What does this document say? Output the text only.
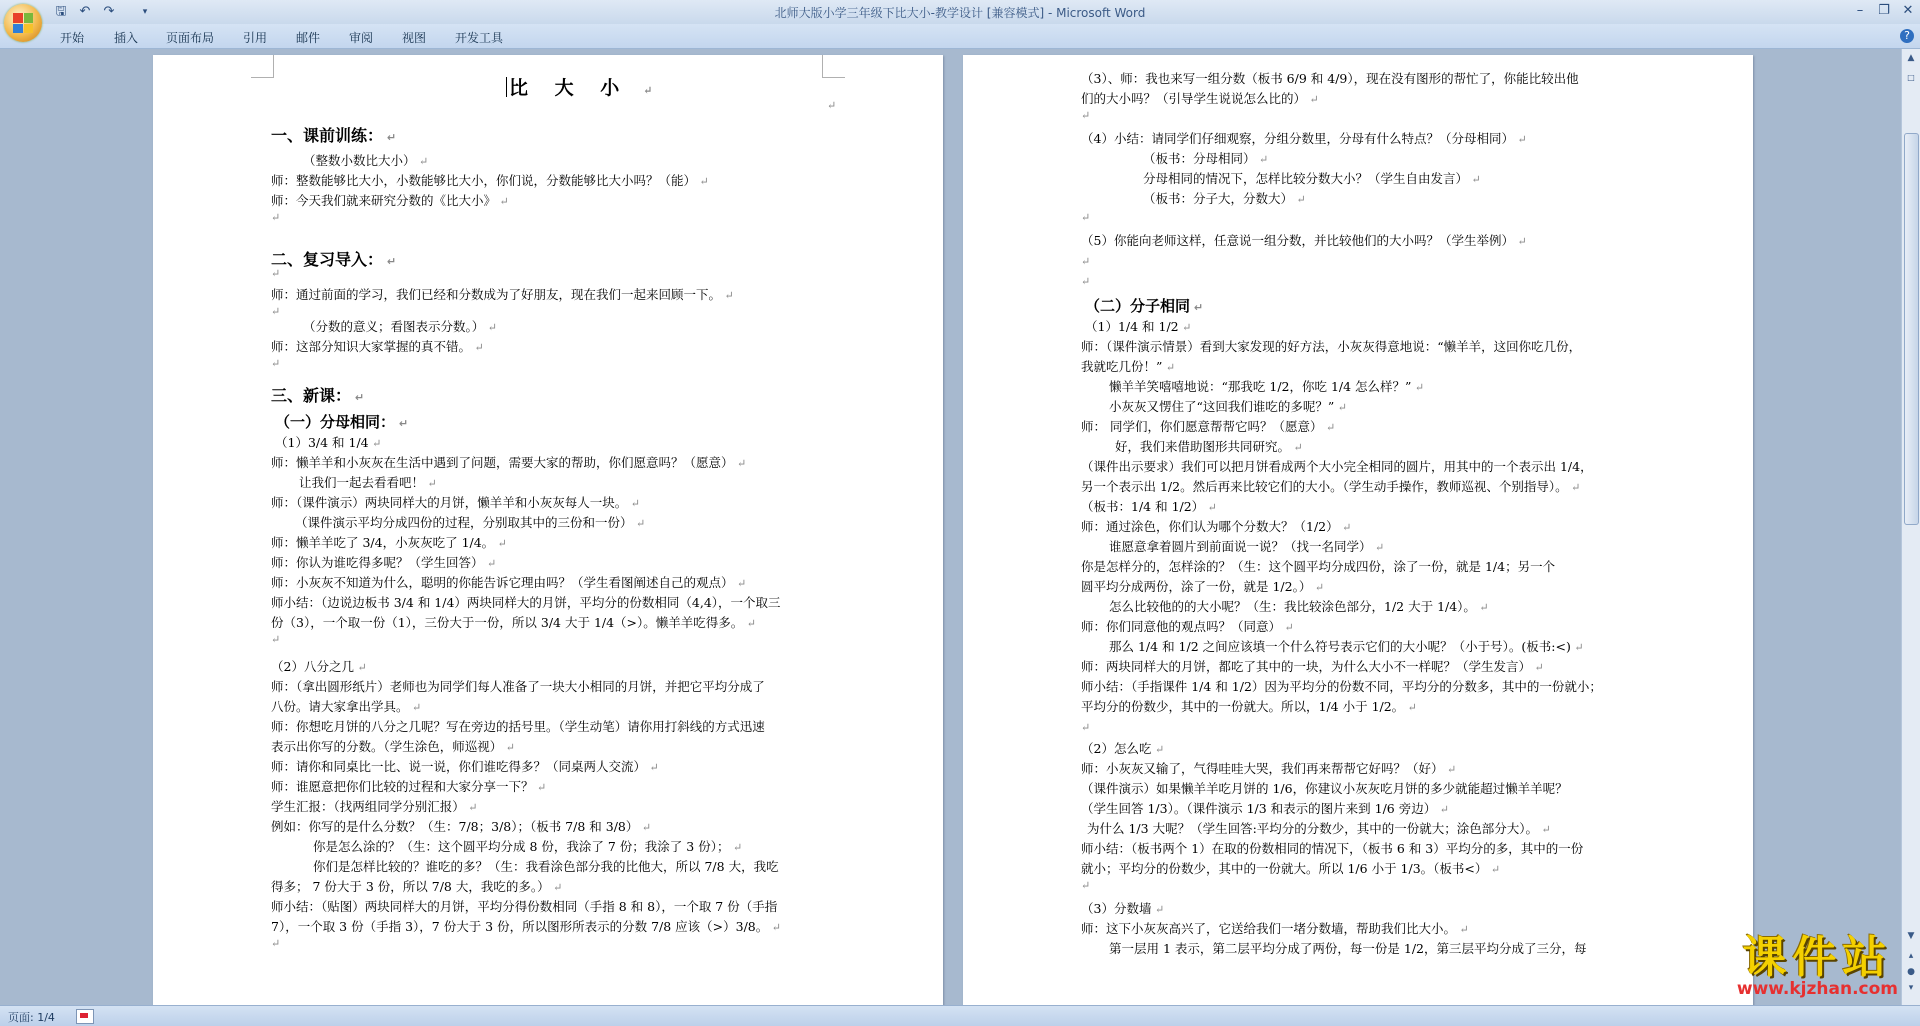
🖫 ↶ ↷	▾	北师大版小学三年级下比大小-教学设计 [兼容模式] - Microsoft Word	–	❐ ✕
开始 插入 页面布局 引用 邮件 审阅 视图 开发工具	?
比 大 小 ↵
↵
一、课前训练： ↵
（整数小数比大小） ↵
师：整数能够比大小，小数能够比大小，你们说，分数能够比大小吗？（能） ↵
师：今天我们就来研究分数的《比大小》 ↵
↵
二、复习导入： ↵
↵
师：通过前面的学习，我们已经和分数成为了好朋友，现在我们一起来回顾一下。 ↵
↵
（分数的意义；看图表示分数。） ↵
师：这部分知识大家掌握的真不错。 ↵
↵
三、新课： ↵
（一）分母相同： ↵
（1）3/4 和 1/4 ↵
师：懒羊羊和小灰灰在生活中遇到了问题，需要大家的帮助，你们愿意吗？（愿意） ↵
让我们一起去看看吧！ ↵
师：（课件演示）两块同样大的月饼，懒羊羊和小灰灰每人一块。 ↵
（课件演示平均分成四份的过程，分别取其中的三份和一份） ↵
师：懒羊羊吃了 3/4，小灰灰吃了 1/4。 ↵
师：你认为谁吃得多呢？（学生回答） ↵
师：小灰灰不知道为什么，聪明的你能告诉它理由吗？（学生看图阐述自己的观点） ↵
师小结：（边说边板书 3/4 和 1/4）两块同样大的月饼，平均分的份数相同（4,4），一个取三
份（3），一个取一份（1），三份大于一份，所以 3/4 大于 1/4（>）。懒羊羊吃得多。 ↵
↵
（2）八分之几 ↵
师：（拿出圆形纸片）老师也为同学们每人准备了一块大小相同的月饼，并把它平均分成了
八份。请大家拿出学具。 ↵
师：你想吃月饼的八分之几呢？写在旁边的括号里。（学生动笔）请你用打斜线的方式迅速
表示出你写的分数。（学生涂色，师巡视） ↵
师：请你和同桌比一比、说一说，你们谁吃得多？（同桌两人交流） ↵
师：谁愿意把你们比较的过程和大家分享一下？ ↵
学生汇报：（找两组同学分别汇报） ↵
例如：你写的是什么分数？（生：7/8；3/8）；（板书 7/8 和 3/8） ↵
你是怎么涂的？（生：这个圆平均分成 8 份，我涂了 7 份；我涂了 3 份）； ↵
你们是怎样比较的？谁吃的多？（生：我看涂色部分我的比他大，所以 7/8 大，我吃
得多； 7 份大于 3 份，所以 7/8 大，我吃的多。） ↵
师小结：（贴图）两块同样大的月饼，平均分得份数相同（手指 8 和 8），一个取 7 份（手指
7），一个取 3 份（手指 3），7 份大于 3 份，所以图形所表示的分数 7/8 应该（>）3/8。 ↵
↵
（3）、师：我也来写一组分数（板书 6/9 和 4/9），现在没有图形的帮忙了，你能比较出他
们的大小吗？（引导学生说说怎么比的） ↵
↵
（4）小结：请同学们仔细观察，分组分数里，分母有什么特点？（分母相同） ↵
（板书：分母相同） ↵
分母相同的情况下，怎样比较分数大小？（学生自由发言） ↵
（板书：分子大，分数大） ↵
↵
（5）你能向老师这样，任意说一组分数，并比较他们的大小吗？（学生举例） ↵
↵
↵
（二）分子相同 ↵
（1）1/4 和 1/2 ↵
师：（课件演示情景）看到大家发现的好方法，小灰灰得意地说：“懒羊羊，这回你吃几份，
我就吃几份！” ↵
懒羊羊笑嘻嘻地说：“那我吃 1/2，你吃 1/4 怎么样？” ↵
小灰灰又愣住了“这回我们谁吃的多呢？” ↵
师： 同学们，你们愿意帮帮它吗？（愿意） ↵
好，我们来借助图形共同研究。 ↵
（课件出示要求）我们可以把月饼看成两个大小完全相同的圆片，用其中的一个表示出 1/4，
另一个表示出 1/2。然后再来比较它们的大小。（学生动手操作，教师巡视、个别指导）。 ↵
（板书：1/4 和 1/2） ↵
师：通过涂色，你们认为哪个分数大？（1/2） ↵
谁愿意拿着圆片到前面说一说？（找一名同学） ↵
你是怎样分的，怎样涂的？（生：这个圆平均分成四份，涂了一份，就是 1/4；另一个
圆平均分成两份，涂了一份，就是 1/2。） ↵
怎么比较他的的大小呢？（生：我比较涂色部分，1/2 大于 1/4）。 ↵
师：你们同意他的观点吗？（同意） ↵
那么 1/4 和 1/2 之间应该填一个什么符号表示它们的大小呢？（小于号）。(板书:<) ↵
师：两块同样大的月饼，都吃了其中的一块，为什么大小不一样呢？（学生发言） ↵
师小结：（手指课件 1/4 和 1/2）因为平均分的份数不同，平均分的分数多，其中的一份就小；
平均分的份数少，其中的一份就大。所以，1/4 小于 1/2。 ↵
↵
（2）怎么吃 ↵
师：小灰灰又输了，气得哇哇大哭，我们再来帮帮它好吗？（好） ↵
（课件演示）如果懒羊羊吃月饼的 1/6，你建议小灰灰吃月饼的多少就能超过懒羊羊呢？
（学生回答 1/3）。（课件演示 1/3 和表示的图片来到 1/6 旁边） ↵
为什么 1/3 大呢？（学生回答:平均分的分数少，其中的一份就大；涂色部分大）。 ↵
师小结：（板书两个 1）在取的份数相同的情况下，（板书 6 和 3）平均分的多，其中的一份
就小；平均分的份数少，其中的一份就大。所以 1/6 小于 1/3。（板书<） ↵
↵
（3）分数墙 ↵
师：这下小灰灰高兴了，它送给我们一堵分数墙，帮助我们比大小。 ↵
第一层用 1 表示，第二层平均分成了两份，每一份是 1/2，第三层平均分成了三分，每
▲
□
▼
▴
●
▾
页面: 1/4
课件站
www.kjzhan.com
